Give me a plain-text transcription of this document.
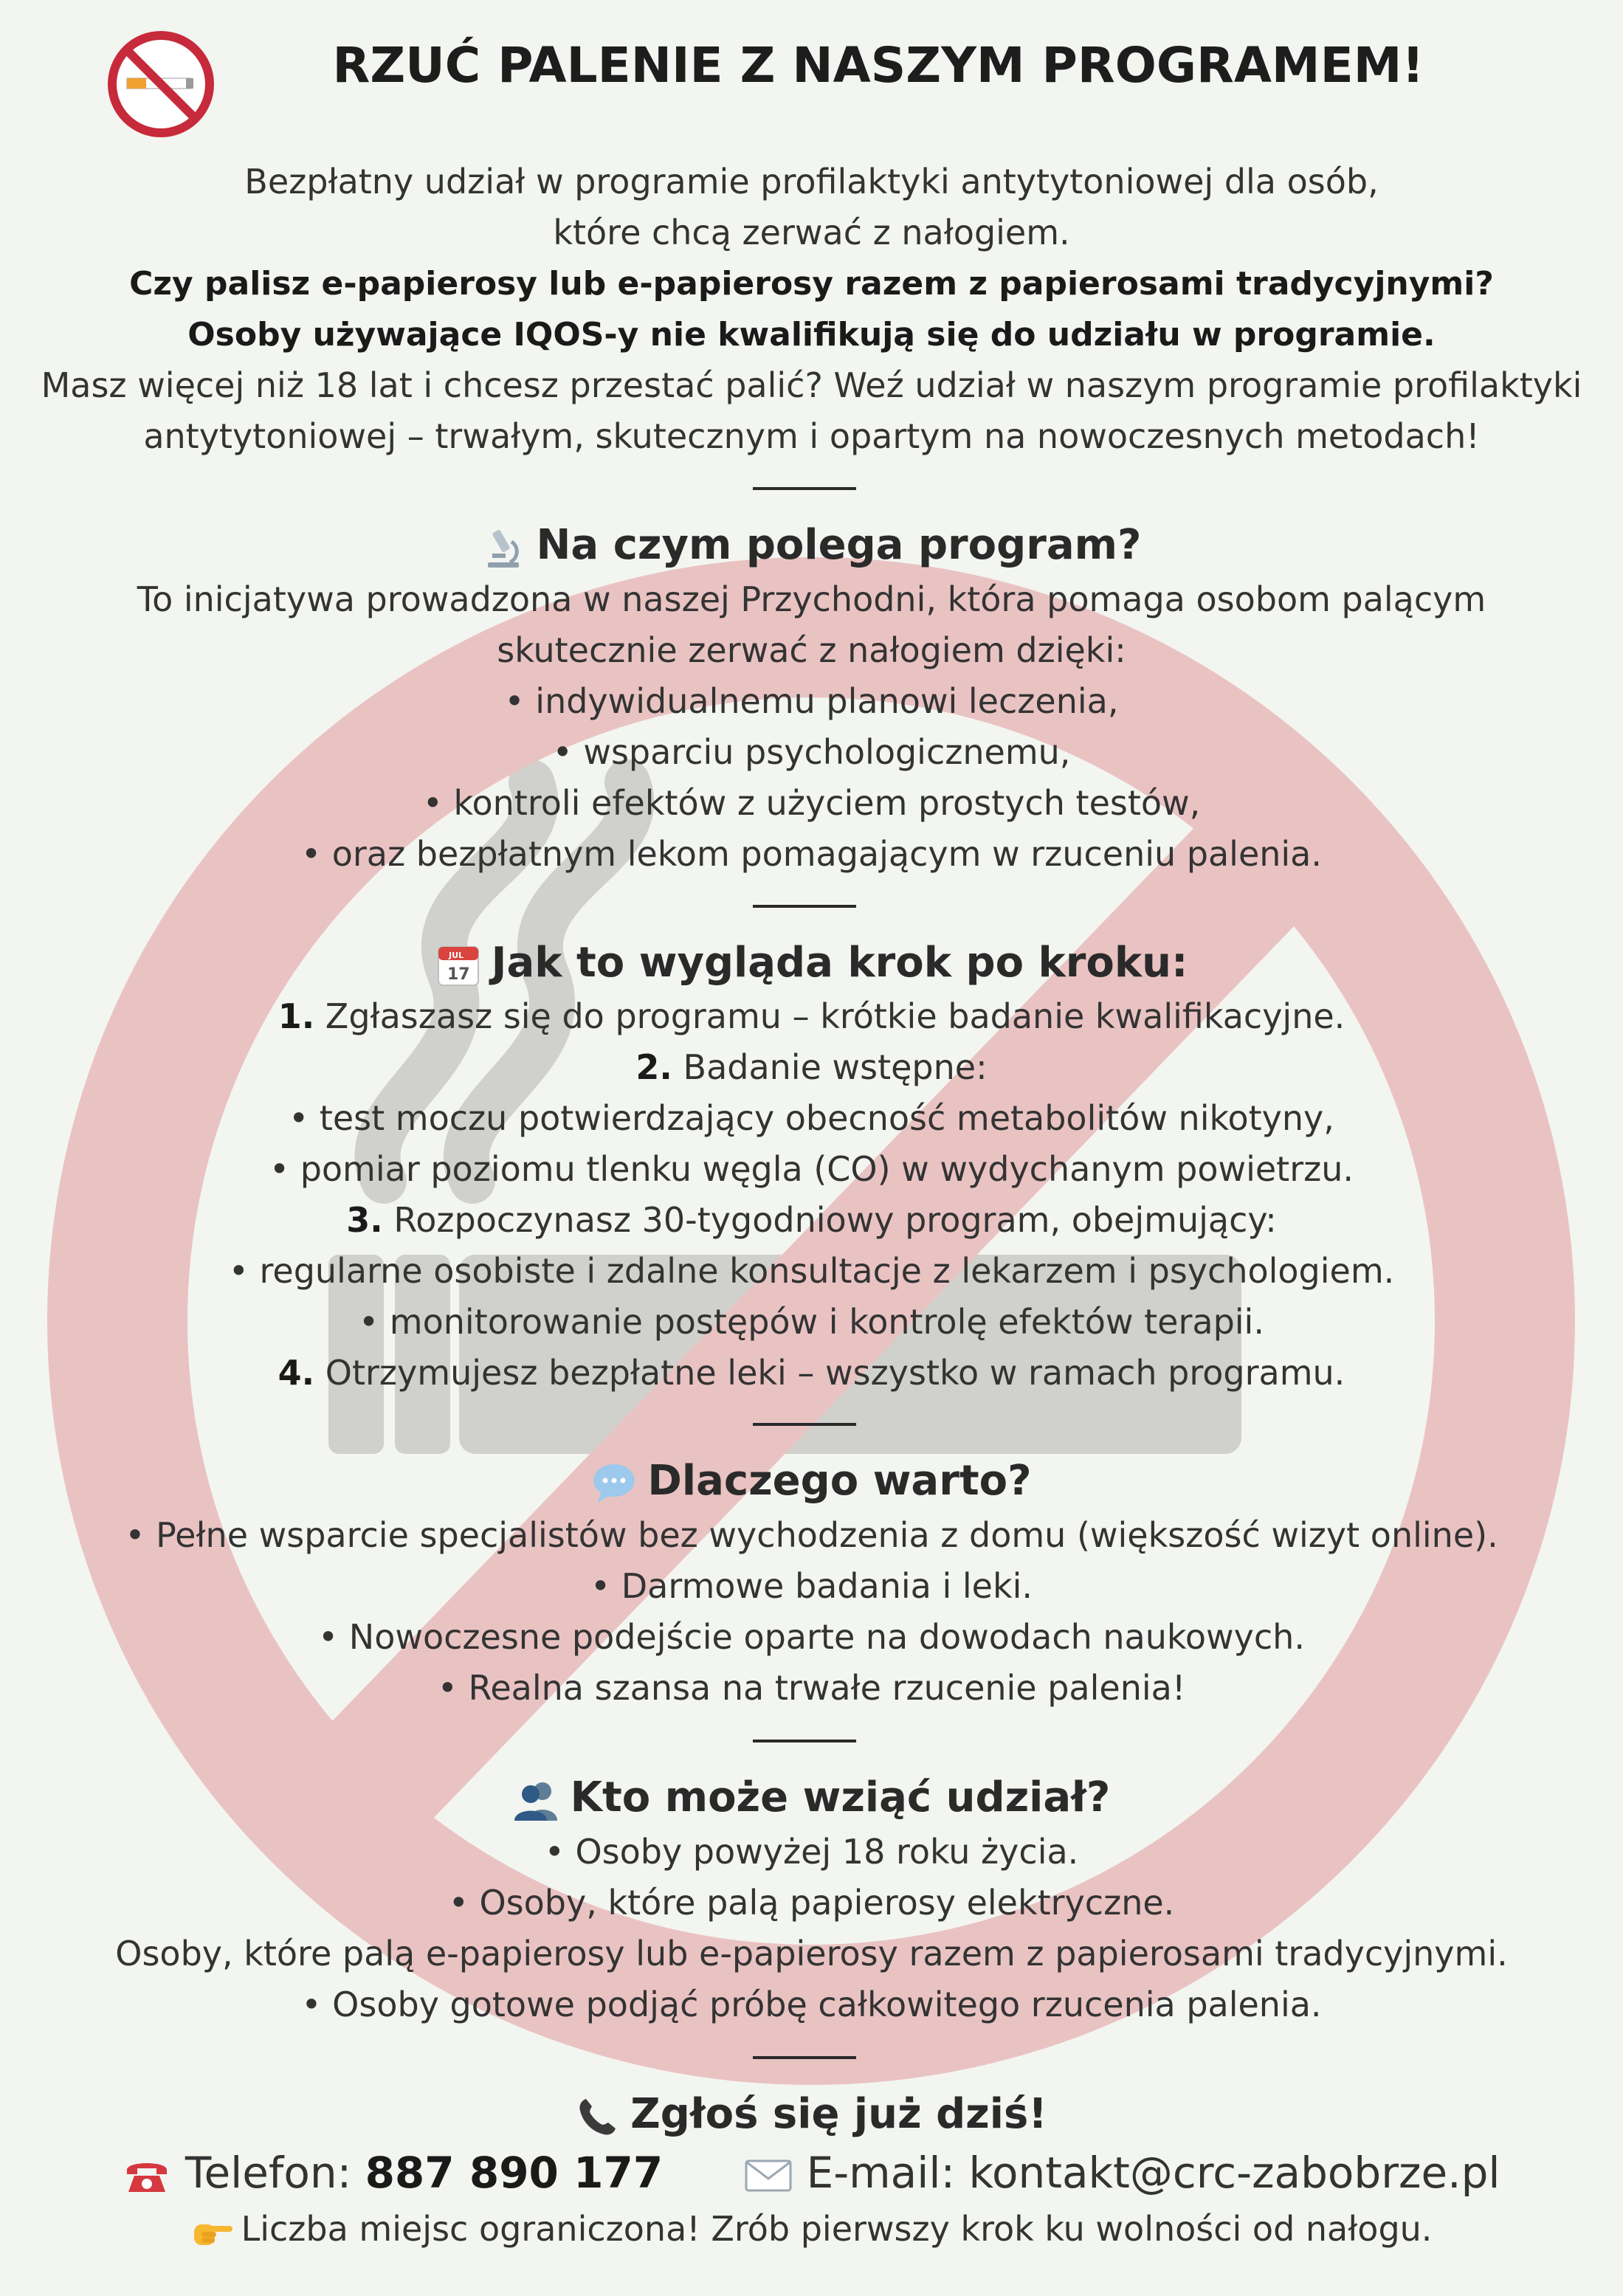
RZUĆ PALENIE Z NASZYM PROGRAMEM!
Bezpłatny udział w programie profilaktyki antytytoniowej dla osób,
które chcą zerwać z nałogiem.
Czy palisz e-papierosy lub e-papierosy razem z papierosami tradycyjnymi?
Osoby używające IQOS-y nie kwalifikują się do udziału w programie.
Masz więcej niż 18 lat i chcesz przestać palić? Weź udział w naszym programie profilaktyki
antytytoniowej – trwałym, skutecznym i opartym na nowoczesnych metodach!
Na czym polega program?
To inicjatywa prowadzona w naszej Przychodni, która pomaga osobom palącym
skutecznie zerwać z nałogiem dzięki:
• indywidualnemu planowi leczenia,
• wsparciu psychologicznemu,
• kontroli efektów z użyciem prostych testów,
• oraz bezpłatnym lekom pomagającym w rzuceniu palenia.
JUL
17 Jak to wygląda krok po kroku:
1. Zgłaszasz się do programu – krótkie badanie kwalifikacyjne.
2. Badanie wstępne:
• test moczu potwierdzający obecność metabolitów nikotyny,
• pomiar poziomu tlenku węgla (CO) w wydychanym powietrzu.
3. Rozpoczynasz 30-tygodniowy program, obejmujący:
• regularne osobiste i zdalne konsultacje z lekarzem i psychologiem.
• monitorowanie postępów i kontrolę efektów terapii.
4. Otrzymujesz bezpłatne leki – wszystko w ramach programu.
Dlaczego warto?
• Pełne wsparcie specjalistów bez wychodzenia z domu (większość wizyt online).
• Darmowe badania i leki.
• Nowoczesne podejście oparte na dowodach naukowych.
• Realna szansa na trwałe rzucenie palenia!
Kto może wziąć udział?
• Osoby powyżej 18 roku życia.
• Osoby, które palą papierosy elektryczne.
Osoby, które palą e-papierosy lub e-papierosy razem z papierosami tradycyjnymi.
• Osoby gotowe podjąć próbę całkowitego rzucenia palenia.
Zgłoś się już dziś!
Telefon: 887 890 177	E-mail: kontakt@crc-zabobrze.pl
Liczba miejsc ograniczona! Zrób pierwszy krok ku wolności od nałogu.
